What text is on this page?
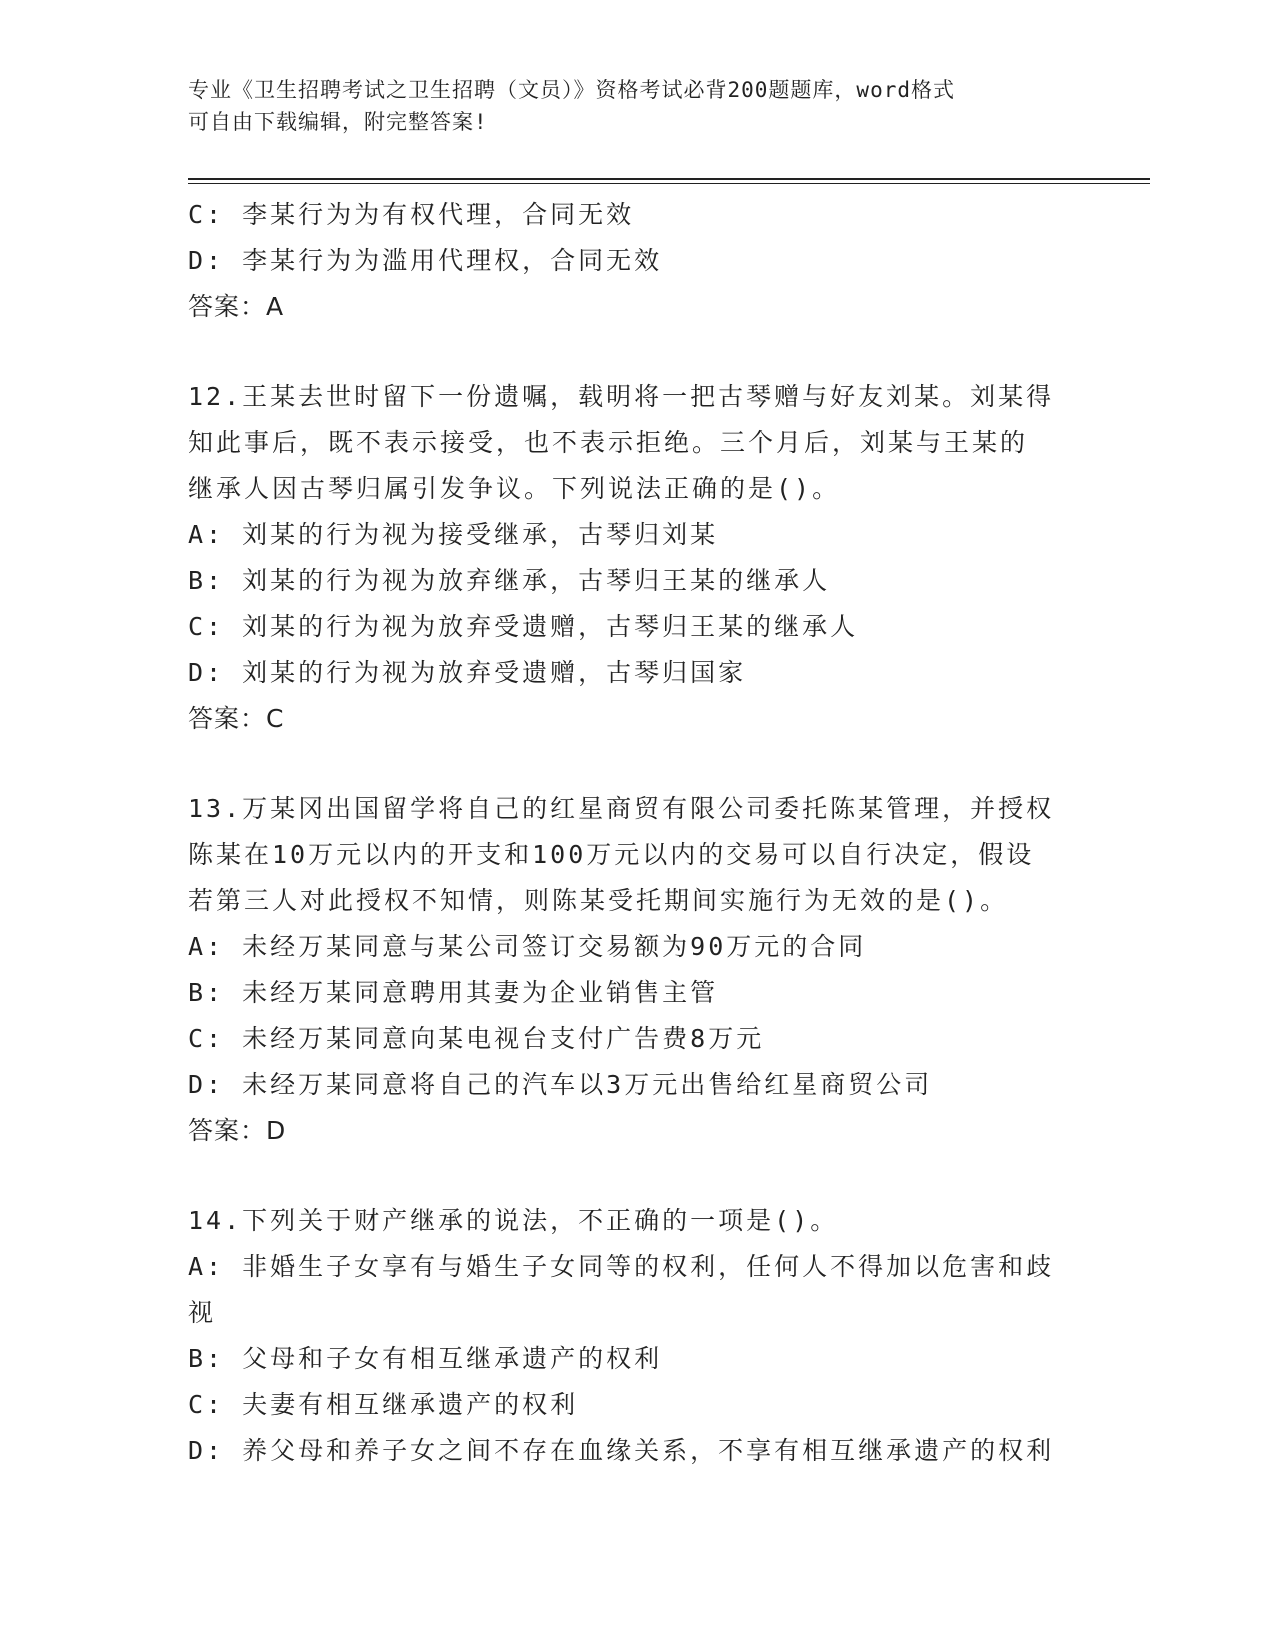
专业《卫生招聘考试之卫生招聘（文员）》资格考试必背200题题库，word格式
可自由下载编辑，附完整答案!
C: 李某行为为有权代理，合同无效
D: 李某行为为滥用代理权，合同无效
答案：A
12.王某去世时留下一份遗嘱，载明将一把古琴赠与好友刘某。刘某得
知此事后，既不表示接受，也不表示拒绝。三个月后，刘某与王某的
继承人因古琴归属引发争议。下列说法正确的是()。
A: 刘某的行为视为接受继承，古琴归刘某
B: 刘某的行为视为放弃继承，古琴归王某的继承人
C: 刘某的行为视为放弃受遗赠，古琴归王某的继承人
D: 刘某的行为视为放弃受遗赠，古琴归国家
答案：C
13.万某冈出国留学将自己的红星商贸有限公司委托陈某管理，并授权
陈某在10万元以内的开支和100万元以内的交易可以自行决定，假设
若第三人对此授权不知情，则陈某受托期间实施行为无效的是()。
A: 未经万某同意与某公司签订交易额为90万元的合同
B: 未经万某同意聘用其妻为企业销售主管
C: 未经万某同意向某电视台支付广告费8万元
D: 未经万某同意将自己的汽车以3万元出售给红星商贸公司
答案：D
14.下列关于财产继承的说法，不正确的一项是()。
A: 非婚生子女享有与婚生子女同等的权利，任何人不得加以危害和歧
视
B: 父母和子女有相互继承遗产的权利
C: 夫妻有相互继承遗产的权利
D: 养父母和养子女之间不存在血缘关系，不享有相互继承遗产的权利
